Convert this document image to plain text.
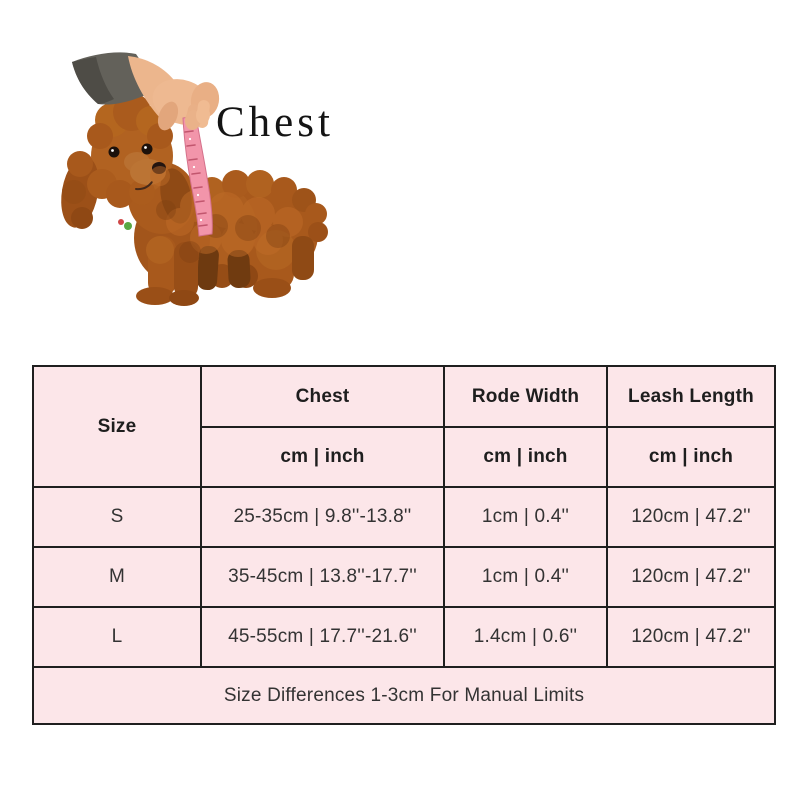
Chest
Size	Chest	Rode Width	Leash Length
	cm | inch	cm | inch	cm | inch
S	25-35cm | 9.8''-13.8''	1cm | 0.4''	120cm | 47.2''
M	35-45cm | 13.8''-17.7''	1cm | 0.4''	120cm | 47.2''
L	45-55cm | 17.7''-21.6''	1.4cm | 0.6''	120cm | 47.2''
Size Differences 1-3cm For Manual Limits			
